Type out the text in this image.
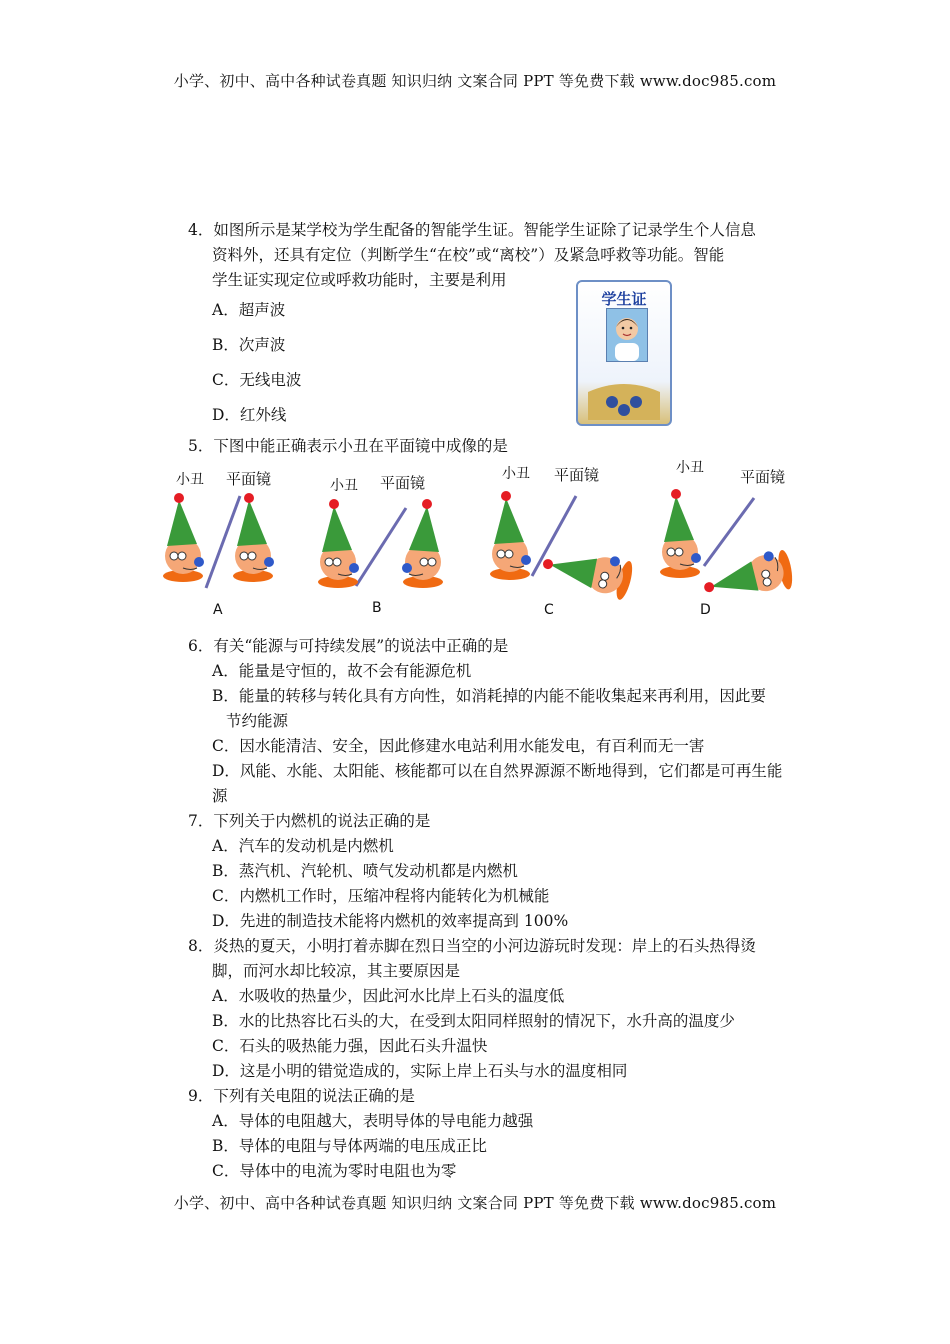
小学、初中、高中各种试卷真题 知识归纳 文案合同 PPT 等免费下载 www.doc985.com
4．如图所示是某学校为学生配备的智能学生证。智能学生证除了记录学生个人信息
资料外，还具有定位（判断学生“在校”或“离校”）及紧急呼救等功能。智能
学生证实现定位或呼救功能时，主要是利用
A．超声波
B．次声波
C．无线电波
D．红外线
学生证
5．下图中能正确表示小丑在平面镜中成像的是
小丑 平面镜
A
小丑 平面镜
B
小丑 平面镜
C
小丑 平面镜
D
6．有关“能源与可持续发展”的说法中正确的是
A．能量是守恒的，故不会有能源危机
B．能量的转移与转化具有方向性，如消耗掉的内能不能收集起来再利用，因此要
节约能源
C．因水能清洁、安全，因此修建水电站利用水能发电，有百利而无一害
D．风能、水能、太阳能、核能都可以在自然界源源不断地得到，它们都是可再生能
源
7．下列关于内燃机的说法正确的是
A．汽车的发动机是内燃机
B．蒸汽机、汽轮机、喷气发动机都是内燃机
C．内燃机工作时，压缩冲程将内能转化为机械能
D．先进的制造技术能将内燃机的效率提高到 100%
8．炎热的夏天，小明打着赤脚在烈日当空的小河边游玩时发现：岸上的石头热得烫
脚，而河水却比较凉，其主要原因是
A．水吸收的热量少，因此河水比岸上石头的温度低
B．水的比热容比石头的大，在受到太阳同样照射的情况下，水升高的温度少
C．石头的吸热能力强，因此石头升温快
D．这是小明的错觉造成的，实际上岸上石头与水的温度相同
9．下列有关电阻的说法正确的是
A．导体的电阻越大，表明导体的导电能力越强
B．导体的电阻与导体两端的电压成正比
C．导体中的电流为零时电阻也为零
小学、初中、高中各种试卷真题 知识归纳 文案合同 PPT 等免费下载 www.doc985.com
